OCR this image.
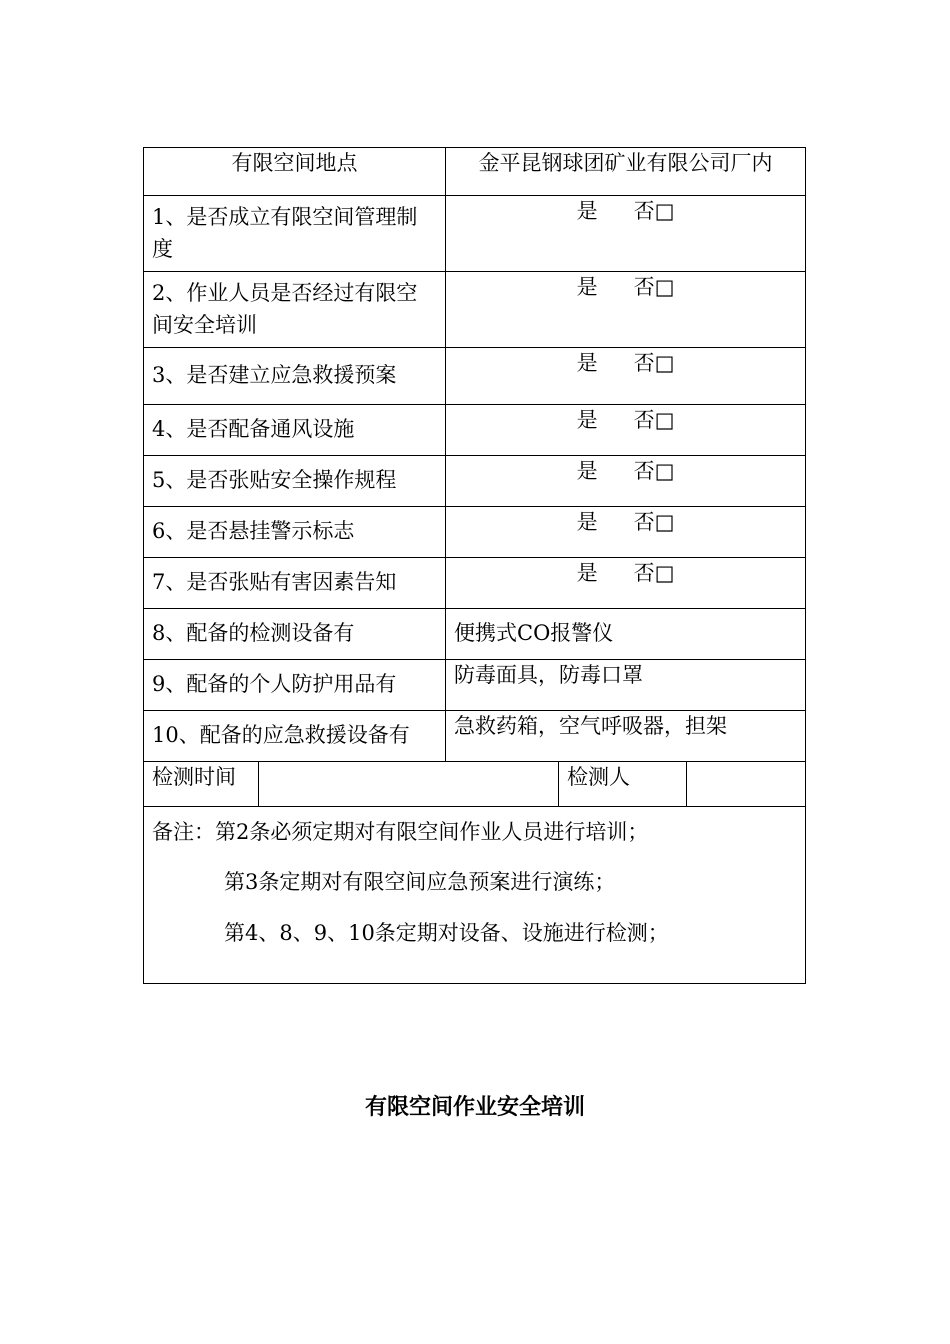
有限空间地点		金平昆钢球团矿业有限公司厂内		
1、是否成立有限空间管理制度		是 否□		
2、作业人员是否经过有限空间安全培训		是 否□		
3、是否建立应急救援预案		是 否□		
4、是否配备通风设施		是 否□		
5、是否张贴安全操作规程		是 否□		
6、是否悬挂警示标志		是 否□		
7、是否张贴有害因素告知		是 否□		
8、配备的检测设备有		便携式CO报警仪		
9、配备的个人防护用品有		防毒面具，防毒口罩		
10、配备的应急救援设备有		急救药箱，空气呼吸器，担架		
检测时间			检测人	

备注：第2条必须定期对有限空间作业人员进行培训；
第3条定期对有限空间应急预案进行演练；
第4、8、9、10条定期对设备、设施进行检测；				
有限空间作业安全培训
